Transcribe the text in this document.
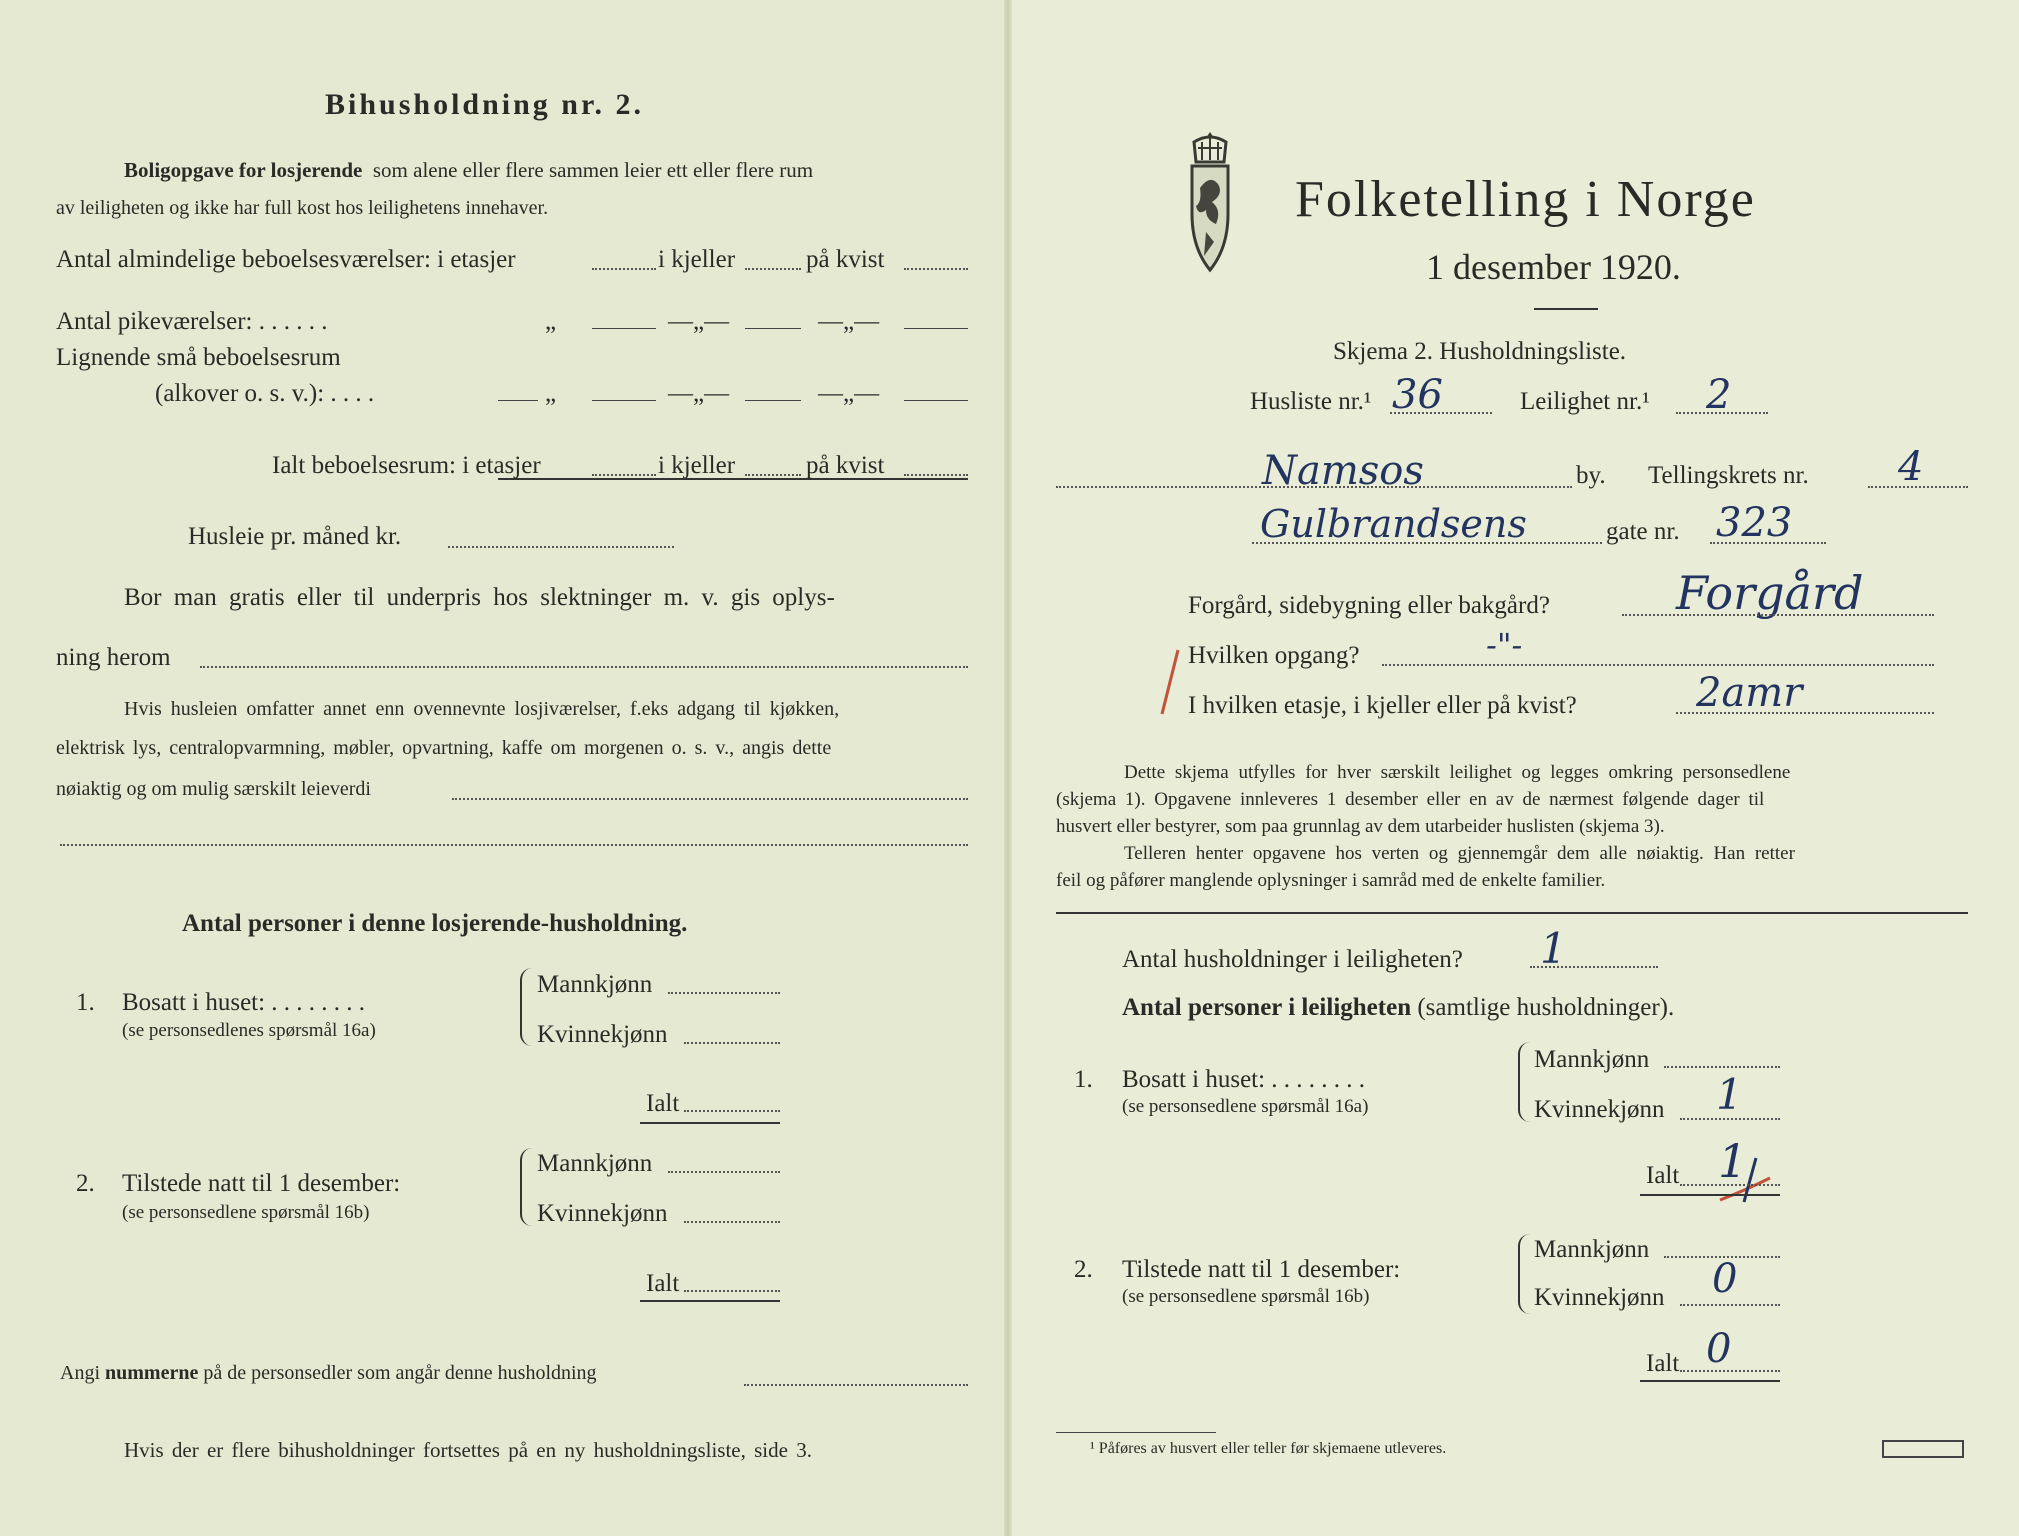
Bihusholdning nr. 2.
Boligopgave for losjerende som alene eller flere sammen leier ett eller flere rum
av leiligheten og ikke har full kost hos leilighetens innehaver.
Antal almindelige beboelsesværelser: i etasjer	i kjeller	på kvist
Antal pikeværelser: . . . . . .	„	—„—	—„—
Lignende små beboelsesrum
(alkover o. s. v.): . . . .	„	—„—	—„—
Ialt beboelsesrum: i etasjer	i kjeller	på kvist
Husleie pr. måned kr.
Bor man gratis eller til underpris hos slektninger m. v. gis oplys-
ning herom
Hvis husleien omfatter annet enn ovennevnte losjiværelser, f.eks adgang til kjøkken,
elektrisk lys, centralopvarmning, møbler, opvartning, kaffe om morgenen o. s. v., angis dette
nøiaktig og om mulig særskilt leieverdi
Antal personer i denne losjerende-husholdning.
1. Bosatt i huset: . . . . . . . .
(se personsedlenes spørsmål 16a)
Mannkjønn
Kvinnekjønn
Ialt
2. Tilstede natt til 1 desember:
(se personsedlene spørsmål 16b)
Mannkjønn
Kvinnekjønn
Ialt
Angi nummerne på de personsedler som angår denne husholdning
Hvis der er flere bihusholdninger fortsettes på en ny husholdningsliste, side 3.
Folketelling i Norge
1 desember 1920.
Skjema 2. Husholdningsliste.
Husliste nr.¹ 36	Leilighet nr.¹ 2
Namsos	by. Tellingskrets nr. 4
Gulbrandsens	gate nr. 323
Forgård, sidebygning eller bakgård?	Forgård
Hvilken opgang?	-"-
I hvilken etasje, i kjeller eller på kvist?	2amr
Dette skjema utfylles for hver særskilt leilighet og legges omkring personsedlene
(skjema 1). Opgavene innleveres 1 desember eller en av de nærmest følgende dager til
husvert eller bestyrer, som paa grunnlag av dem utarbeider huslisten (skjema 3).
Telleren henter opgavene hos verten og gjennemgår dem alle nøiaktig. Han retter
feil og påfører manglende oplysninger i samråd med de enkelte familier.
Antal husholdninger i leiligheten? 1
Antal personer i leiligheten (samtlige husholdninger).
1. Bosatt i huset: . . . . . . . .
(se personsedlene spørsmål 16a)
Mannkjønn
Kvinnekjønn 1
Ialt 1
2. Tilstede natt til 1 desember:
(se personsedlene spørsmål 16b)
Mannkjønn
Kvinnekjønn 0
Ialt 0
¹ Påføres av husvert eller teller før skjemaene utleveres.
